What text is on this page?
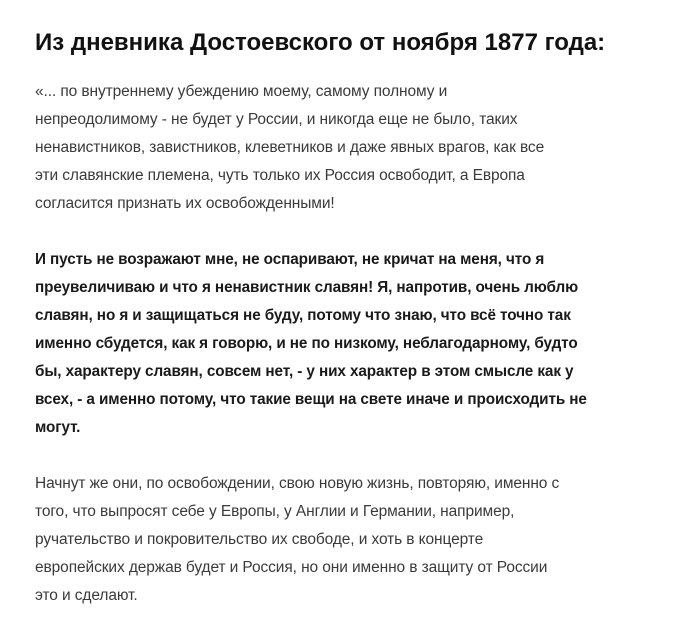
Из дневника Достоевского от ноября 1877 года:

«... по внутреннему убеждению моему, самому полному и
непреодолимому - не будет у России, и никогда еще не было, таких
ненавистников, завистников, клеветников и даже явных врагов, как все
эти славянские племена, чуть только их Россия освободит, а Европа
согласится признать их освобожденными!

И пусть не возражают мне, не оспаривают, не кричат на меня, что я
преувеличиваю и что я ненавистник славян! Я, напротив, очень люблю
славян, но я и защищаться не буду, потому что знаю, что всё точно так
именно сбудется, как я говорю, и не по низкому, неблагодарному, будто
бы, характеру славян, совсем нет, - у них характер в этом смысле как у
всех, - а именно потому, что такие вещи на свете иначе и происходить не
могут.

Начнут же они, по освобождении, свою новую жизнь, повторяю, именно с
того, что выпросят себе у Европы, у Англии и Германии, например,
ручательство и покровительство их свободе, и хоть в концерте
европейских держав будет и Россия, но они именно в защиту от России
это и сделают.
